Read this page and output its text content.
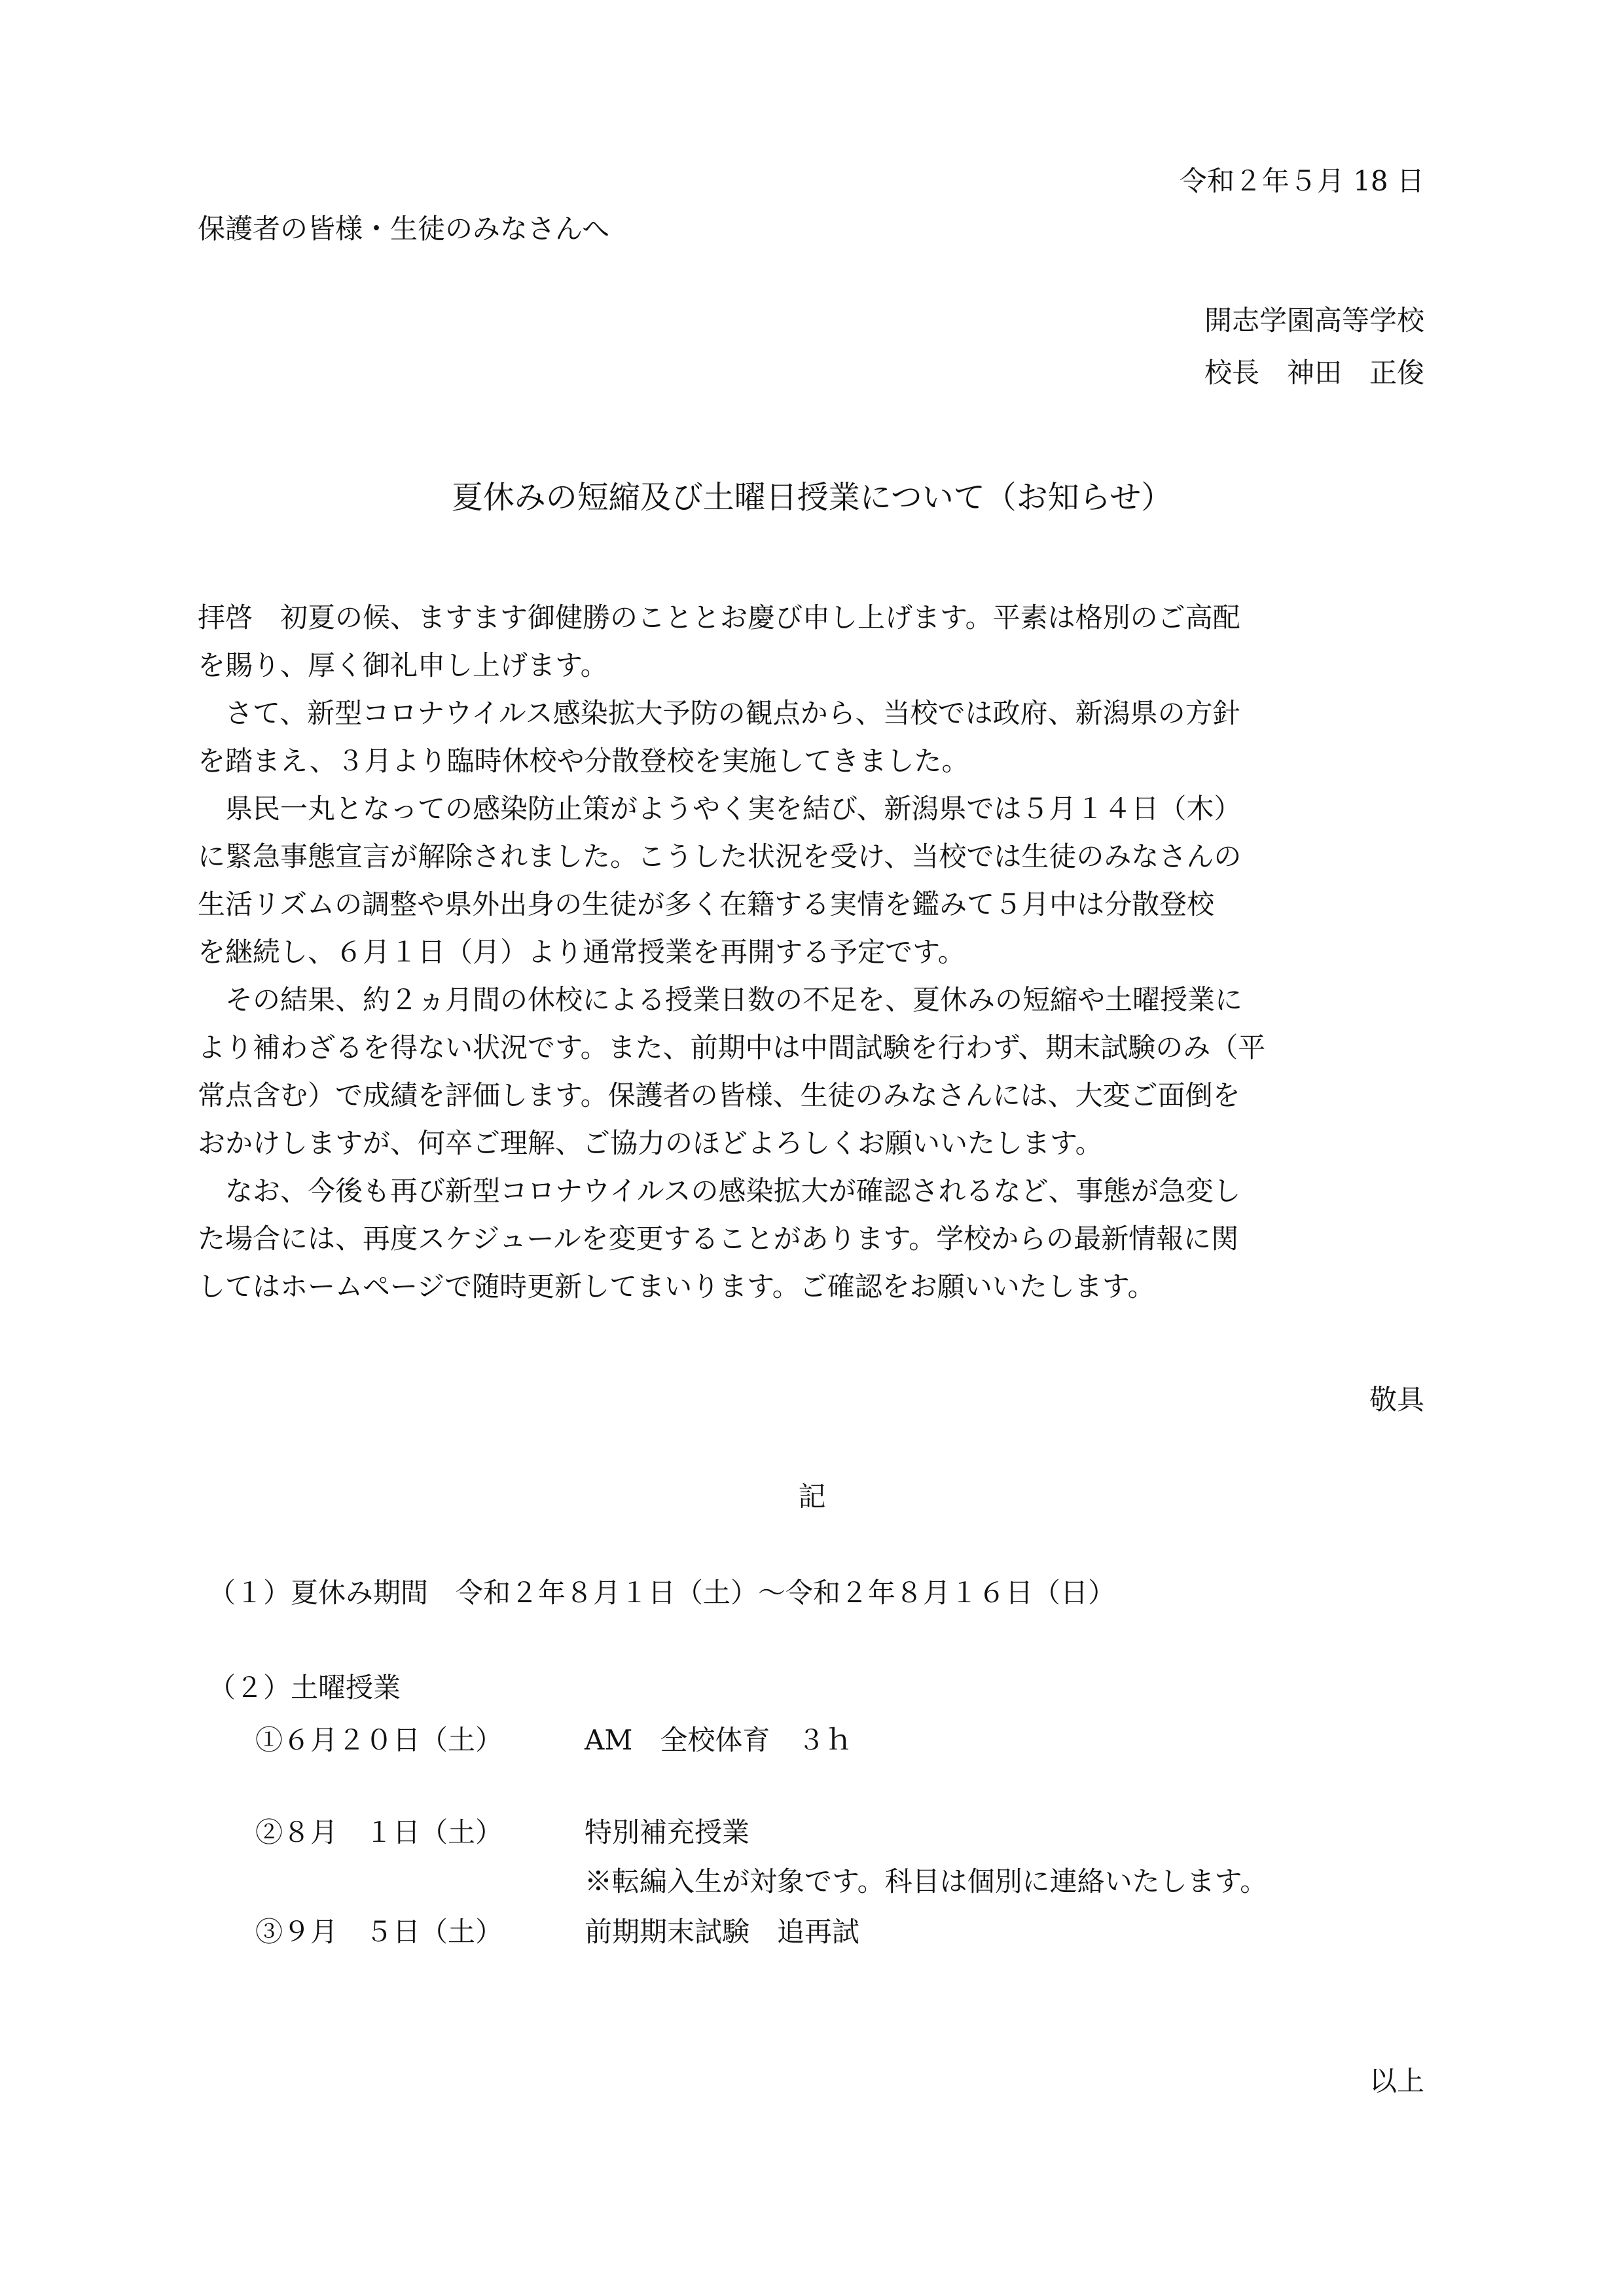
令和２年５月 18 日
保護者の皆様・生徒のみなさんへ
開志学園高等学校
校長　神田　正俊
夏休みの短縮及び土曜日授業について（お知らせ）

拝啓　初夏の候、ますます御健勝のこととお慶び申し上げます。平素は格別のご高配

を賜り、厚く御礼申し上げます。

　さて、新型コロナウイルス感染拡大予防の観点から、当校では政府、新潟県の方針

を踏まえ、３月より臨時休校や分散登校を実施してきました。

　県民一丸となっての感染防止策がようやく実を結び、新潟県では５月１４日（木）

に緊急事態宣言が解除されました。こうした状況を受け、当校では生徒のみなさんの

生活リズムの調整や県外出身の生徒が多く在籍する実情を鑑みて５月中は分散登校

を継続し、６月１日（月）より通常授業を再開する予定です。

　その結果、約２ヵ月間の休校による授業日数の不足を、夏休みの短縮や土曜授業に

より補わざるを得ない状況です。また、前期中は中間試験を行わず、期末試験のみ（平

常点含む）で成績を評価します。保護者の皆様、生徒のみなさんには、大変ご面倒を

おかけしますが、何卒ご理解、ご協力のほどよろしくお願いいたします。

　なお、今後も再び新型コロナウイルスの感染拡大が確認されるなど、事態が急変し

た場合には、再度スケジュールを変更することがあります。学校からの最新情報に関

してはホームページで随時更新してまいります。ご確認をお願いいたします。

敬具
記
（１）夏休み期間　令和２年８月１日（土）～令和２年８月１６日（日）
（２）土曜授業
①６月２０日（土）	AM　全校体育　３ｈ
②８月　１日（土）	特別補充授業
※転編入生が対象です。科目は個別に連絡いたします。
③９月　５日（土）	前期期末試験　追再試
以上
